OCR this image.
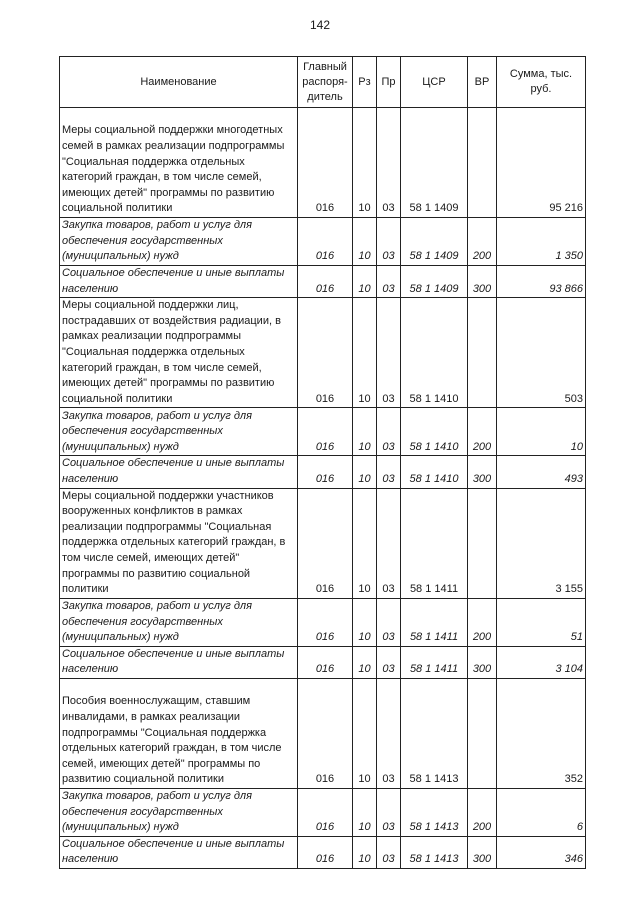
142
Наименование	Главный распоря-дитель	Рз	Пр	ЦСР	ВР	Сумма, тыс. руб.
Меры социальной поддержки многодетных семей в рамках реализации подпрограммы "Социальная поддержка отдельных категорий граждан, в том числе семей, имеющих детей" программы по развитию социальной политики	016	10	03	58 1 1409		95 216
Закупка товаров, работ и услуг для обеспечения государственных (муниципальных) нужд	016	10	03	58 1 1409	200	1 350
Социальное обеспечение и иные выплаты населению	016	10	03	58 1 1409	300	93 866
Меры социальной поддержки лиц, пострадавших от воздействия радиации, в рамках реализации подпрограммы "Социальная поддержка отдельных категорий граждан, в том числе семей, имеющих детей" программы по развитию социальной политики	016	10	03	58 1 1410		503
Закупка товаров, работ и услуг для обеспечения государственных (муниципальных) нужд	016	10	03	58 1 1410	200	10
Социальное обеспечение и иные выплаты населению	016	10	03	58 1 1410	300	493
Меры социальной поддержки участников вооруженных конфликтов в рамках реализации подпрограммы "Социальная поддержка отдельных категорий граждан, в том числе семей, имеющих детей" программы по развитию социальной политики	016	10	03	58 1 1411		3 155
Закупка товаров, работ и услуг для обеспечения государственных (муниципальных) нужд	016	10	03	58 1 1411	200	51
Социальное обеспечение и иные выплаты населению	016	10	03	58 1 1411	300	3 104
Пособия военнослужащим, ставшим инвалидами, в рамках реализации подпрограммы "Социальная поддержка отдельных категорий граждан, в том числе семей, имеющих детей" программы по развитию социальной политики	016	10	03	58 1 1413		352
Закупка товаров, работ и услуг для обеспечения государственных (муниципальных) нужд	016	10	03	58 1 1413	200	6
Социальное обеспечение и иные выплаты населению	016	10	03	58 1 1413	300	346
